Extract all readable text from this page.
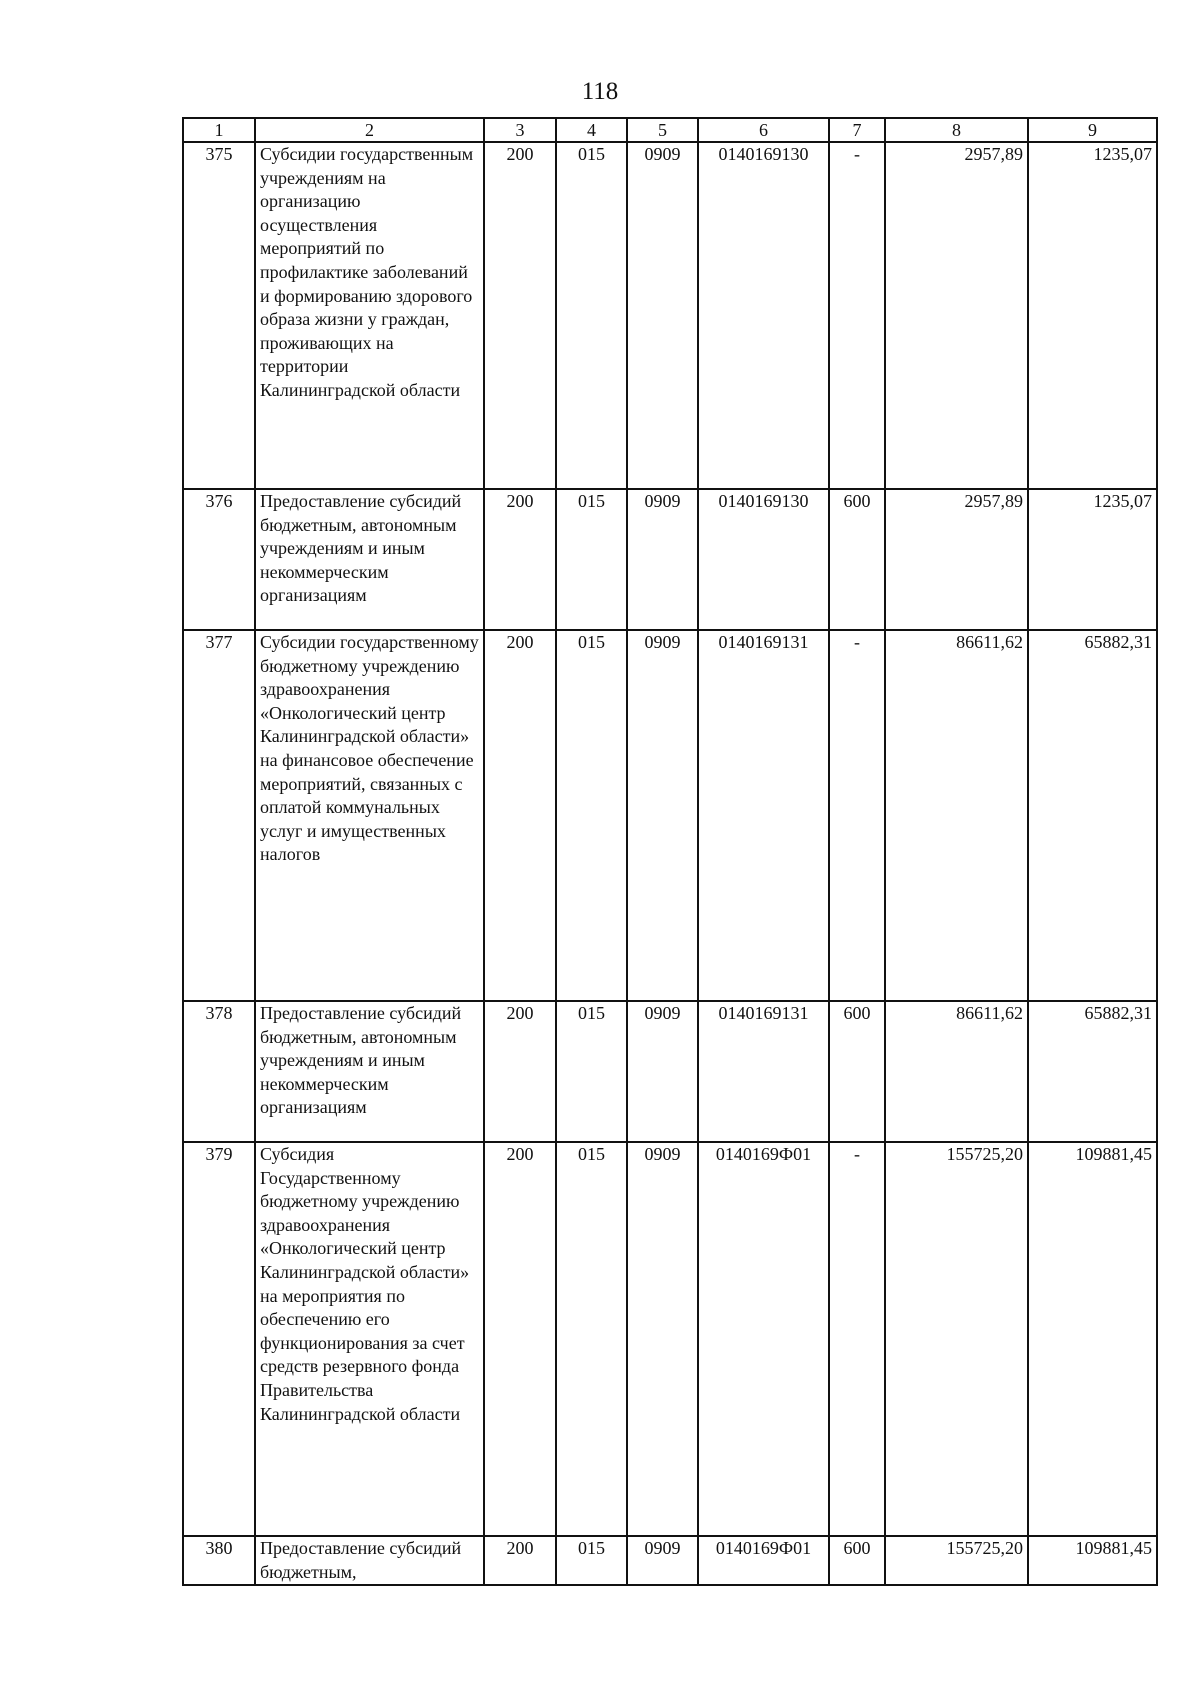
118
1	2	3	4	5	6	7	8	9
375	Субсидии государственным учреждениям на организацию осуществления мероприятий по профилактике заболеваний и формированию здорового образа жизни у граждан, проживающих на территории Калининградской области	200	015	0909	0140169130	-	2957,89	1235,07
376	Предоставление субсидий бюджетным, автономным учреждениям и иным некоммерческим организациям	200	015	0909	0140169130	600	2957,89	1235,07
377	Субсидии государственному бюджетному учреждению здравоохранения «Онкологический центр Калининградской области» на финансовое обеспечение мероприятий, связанных с оплатой коммунальных услуг и имущественных налогов	200	015	0909	0140169131	-	86611,62	65882,31
378	Предоставление субсидий бюджетным, автономным учреждениям и иным некоммерческим организациям	200	015	0909	0140169131	600	86611,62	65882,31
379	Субсидия Государственному бюджетному учреждению здравоохранения «Онкологический центр Калининградской области» на мероприятия по обеспечению его функционирования за счет средств резервного фонда Правительства Калининградской области	200	015	0909	0140169Ф01	-	155725,20	109881,45
380	Предоставление субсидий бюджетным,	200	015	0909	0140169Ф01	600	155725,20	109881,45
